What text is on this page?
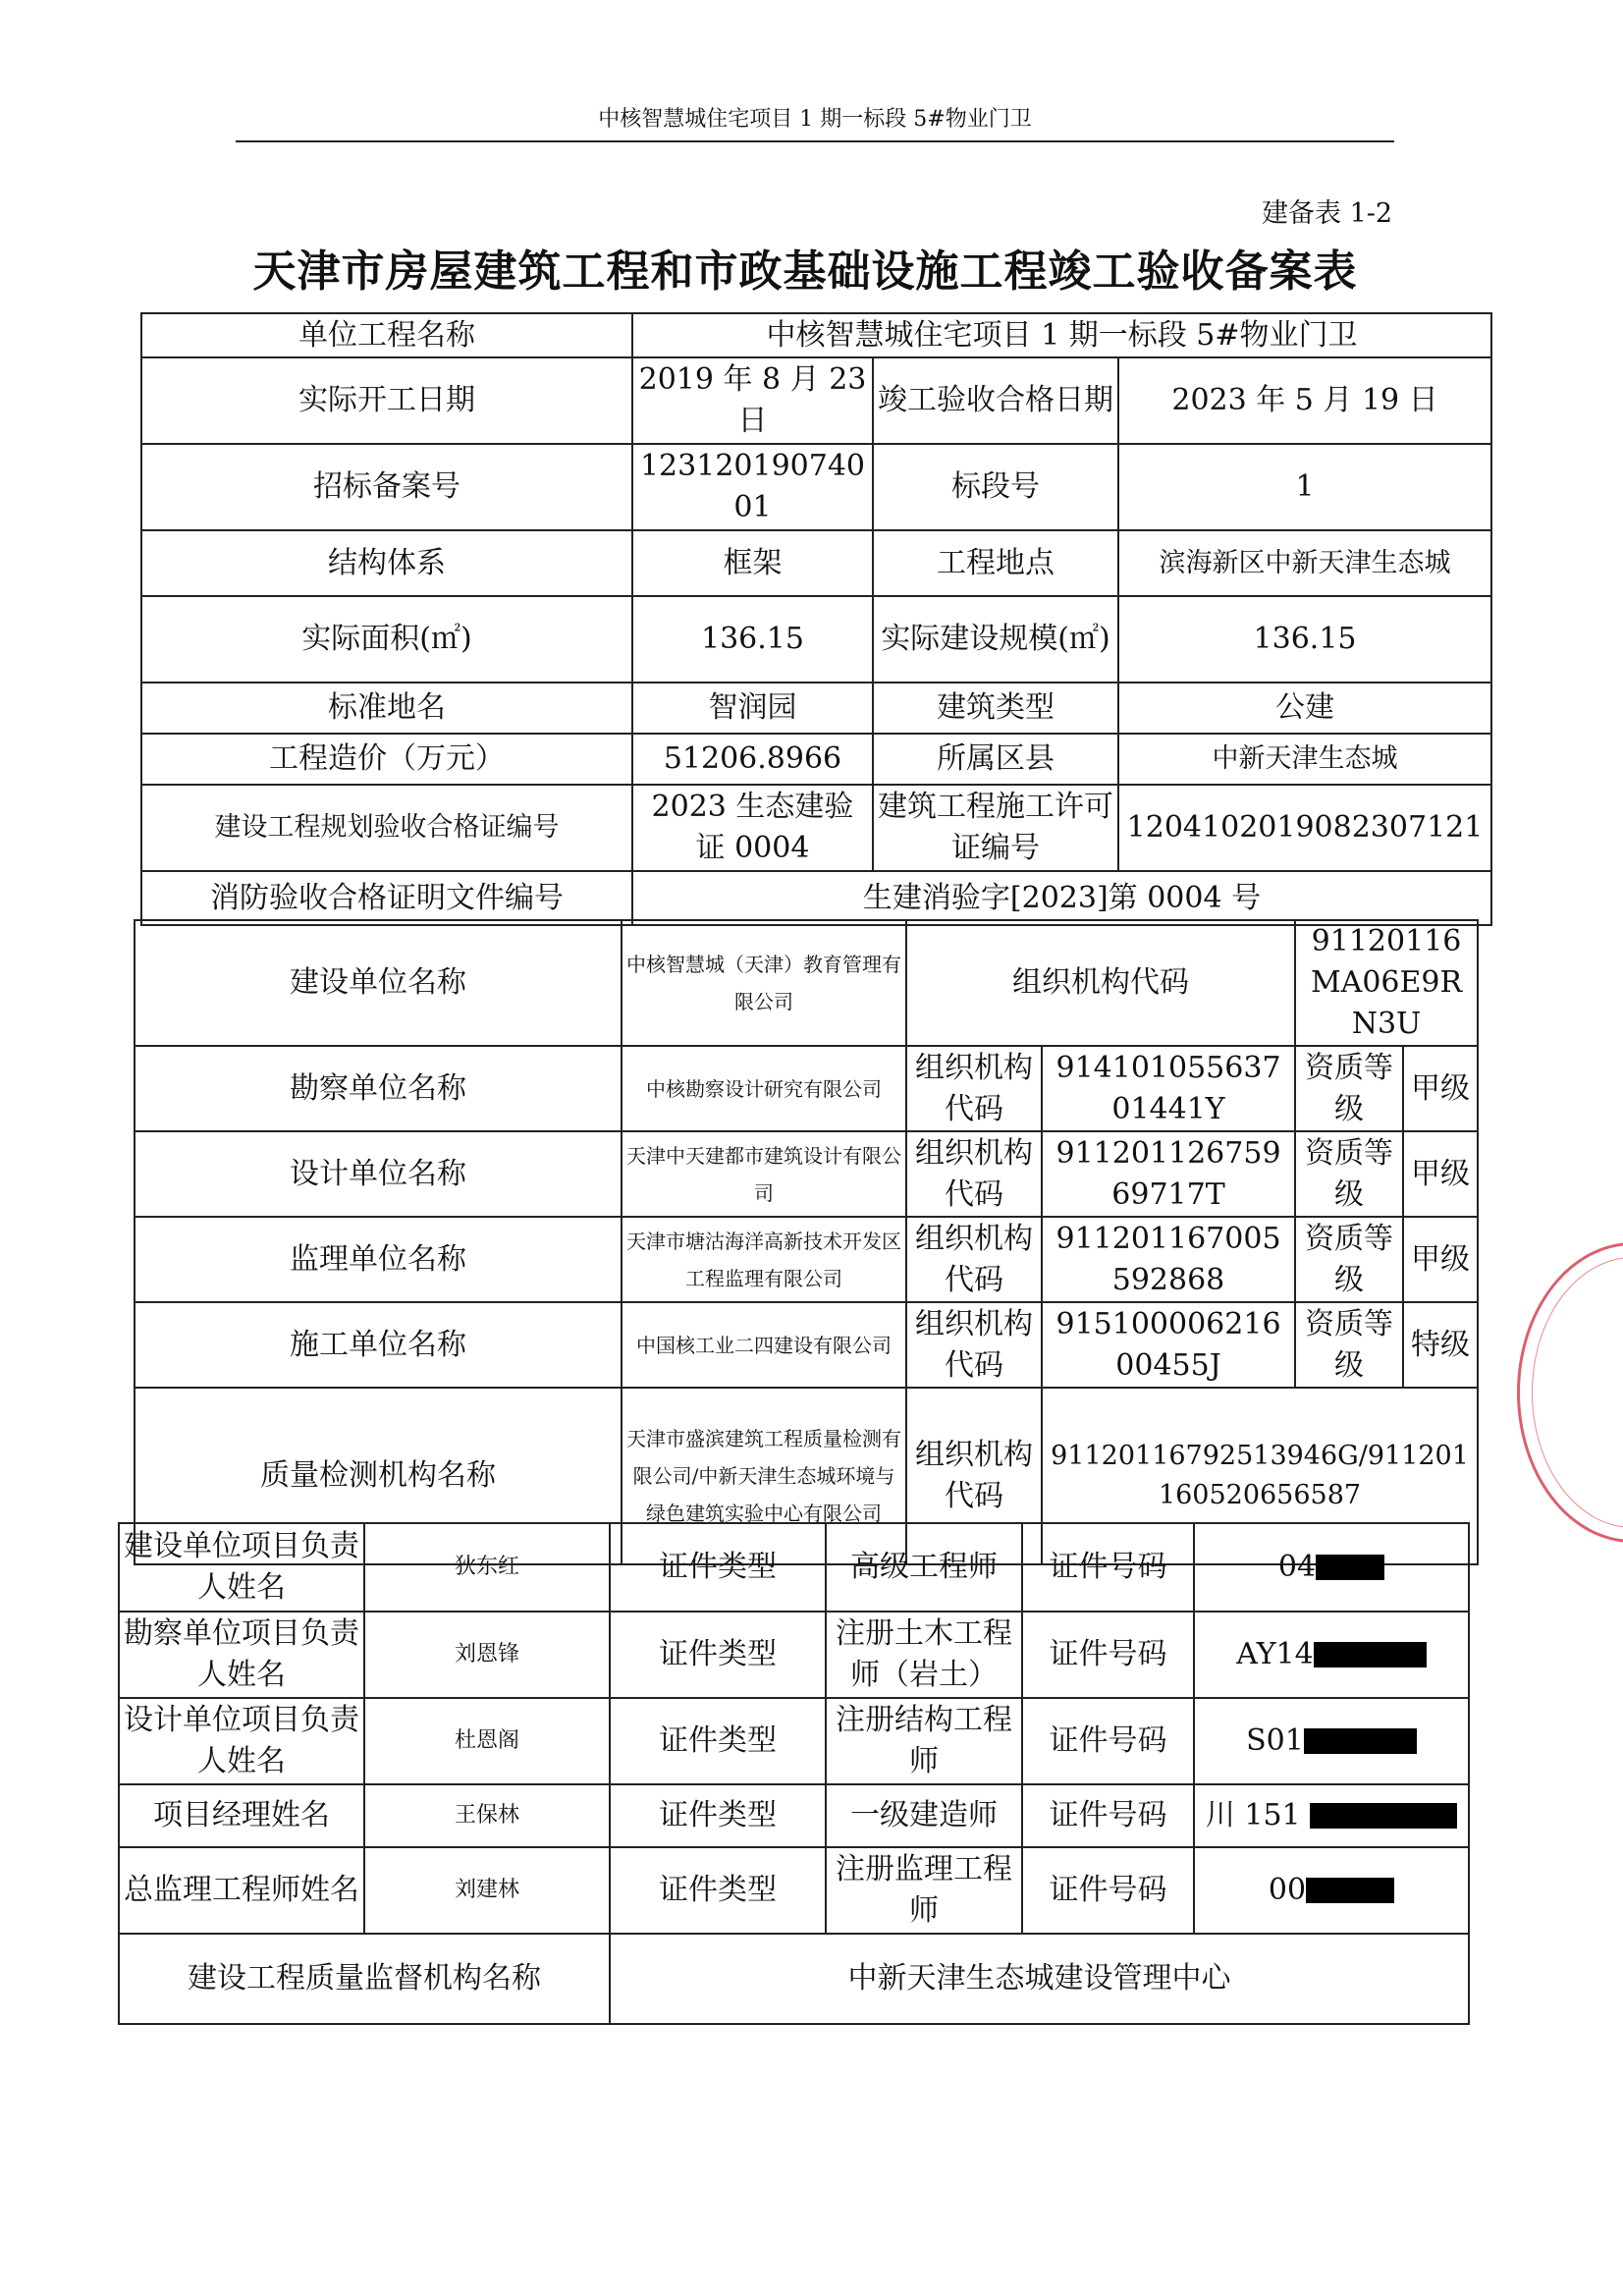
中核智慧城住宅项目 1 期一标段 5#物业门卫
建备表 1-2
天津市房屋建筑工程和市政基础设施工程竣工验收备案表
单位工程名称	中核智慧城住宅项目 1 期一标段 5#物业门卫		
实际开工日期	2019 年 8 月 23 日	竣工验收合格日期	2023 年 5 月 19 日
招标备案号	12312019074001	标段号	1
结构体系	框架	工程地点	滨海新区中新天津生态城
实际面积(㎡)	136.15	实际建设规模(㎡)	136.15
标准地名	智润园	建筑类型	公建
工程造价（万元）	51206.8966	所属区县	中新天津生态城
建设工程规划验收合格证编号	2023 生态建验证 0004	建筑工程施工许可证编号	1204102019082307121
消防验收合格证明文件编号	生建消验字[2023]第 0004 号		
建设单位名称	中核智慧城（天津）教育管理有限公司	组织机构代码		91120116MA06E9RN3U	
勘察单位名称	中核勘察设计研究有限公司	组织机构代码	91410105563701441Y	资质等级	甲级
设计单位名称	天津中天建都市建筑设计有限公司	组织机构代码	91120112675969717T	资质等级	甲级
监理单位名称	天津市塘沽海洋高新技术开发区工程监理有限公司	组织机构代码	911201167005592868	资质等级	甲级
施工单位名称	中国核工业二四建设有限公司	组织机构代码	91510000621600455J	资质等级	特级
质量检测机构名称	天津市盛滨建筑工程质量检测有限公司/中新天津生态城环境与绿色建筑实验中心有限公司	组织机构代码	91120116792513946G/911201160520656587		
建设单位项目负责人姓名	狄东红	证件类型	高级工程师	证件号码	04
勘察单位项目负责人姓名	刘恩锋	证件类型	注册土木工程师（岩土）	证件号码	AY14
设计单位项目负责人姓名	杜恩阁	证件类型	注册结构工程师	证件号码	S01
项目经理姓名	王保林	证件类型	一级建造师	证件号码	川 151
总监理工程师姓名	刘建林	证件类型	注册监理工程师	证件号码	00
建设工程质量监督机构名称		中新天津生态城建设管理中心			
